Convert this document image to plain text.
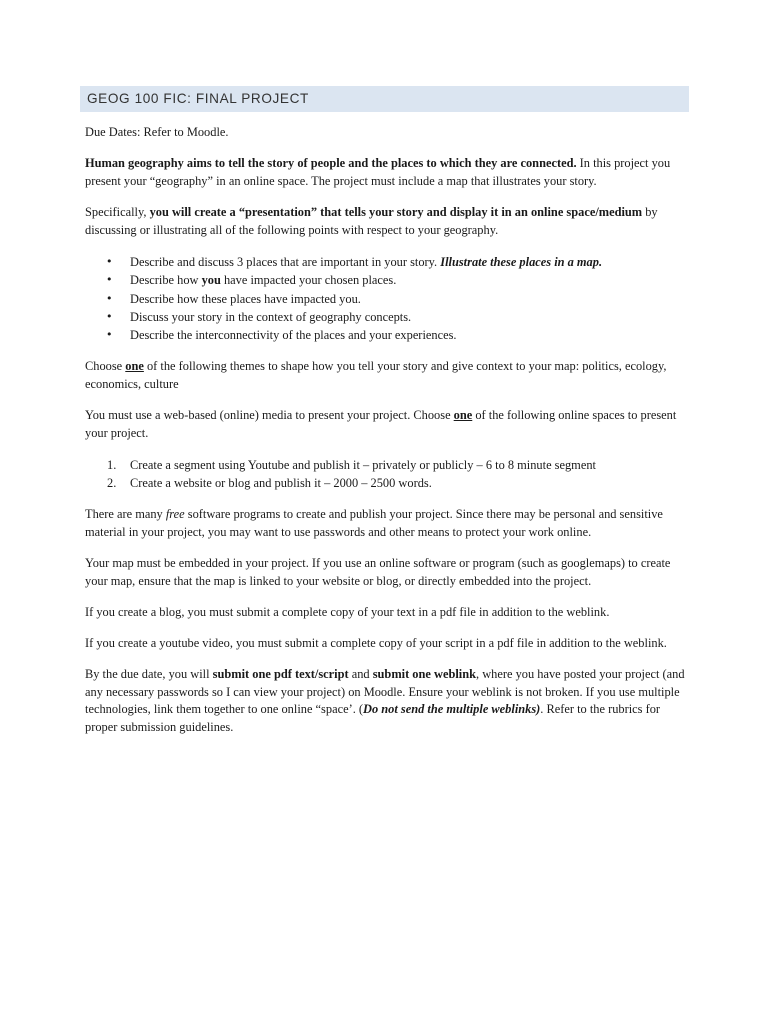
GEOG 100 FIC: FINAL PROJECT

Due Dates: Refer to Moodle.

Human geography aims to tell the story of people and the places to which they are connected. In this project you present your “geography” in an online space. The project must include a map that illustrates your story.

Specifically, you will create a “presentation” that tells your story and display it in an online space/medium by discussing or illustrating all of the following points with respect to your geography.

• Describe and discuss 3 places that are important in your story. Illustrate these places in a map.
• Describe how you have impacted your chosen places.
• Describe how these places have impacted you.
• Discuss your story in the context of geography concepts.
• Describe the interconnectivity of the places and your experiences.

Choose one of the following themes to shape how you tell your story and give context to your map: politics, ecology, economics, culture

You must use a web-based (online) media to present your project. Choose one of the following online spaces to present your project.

1. Create a segment using Youtube and publish it – privately or publicly – 6 to 8 minute segment
2. Create a website or blog and publish it – 2000 – 2500 words.

There are many free software programs to create and publish your project. Since there may be personal and sensitive material in your project, you may want to use passwords and other means to protect your work online.

Your map must be embedded in your project. If you use an online software or program (such as googlemaps) to create your map, ensure that the map is linked to your website or blog, or directly embedded into the project.

If you create a blog, you must submit a complete copy of your text in a pdf file in addition to the weblink.

If you create a youtube video, you must submit a complete copy of your script in a pdf file in addition to the weblink.

By the due date, you will submit one pdf text/script and submit one weblink, where you have posted your project (and any necessary passwords so I can view your project) on Moodle. Ensure your weblink is not broken. If you use multiple technologies, link them together to one online “space’. (Do not send the multiple weblinks). Refer to the rubrics for proper submission guidelines.
